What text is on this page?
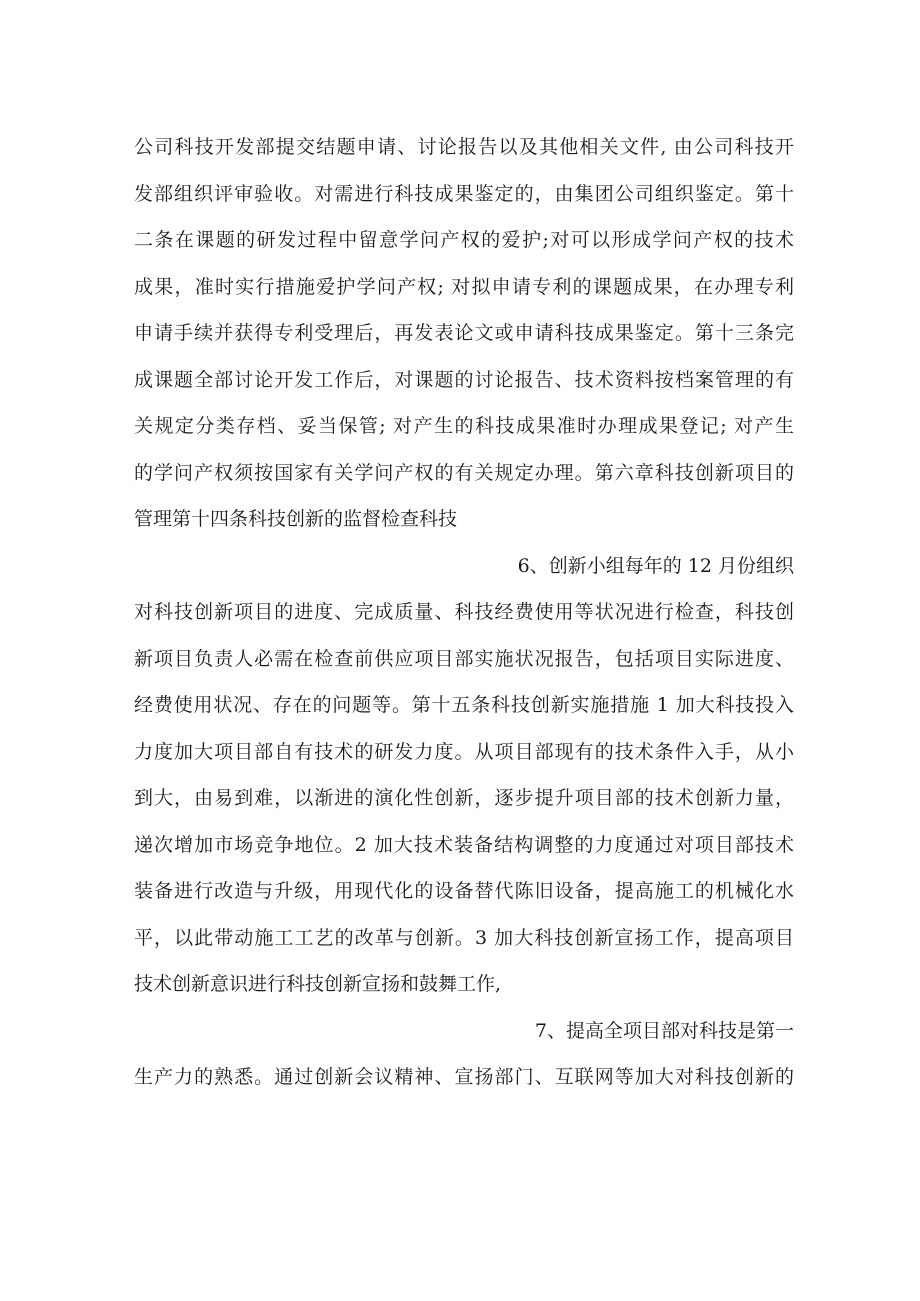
公司科技开发部提交结题申请、讨论报告以及其他相关文件, 由公司科技开
发部组织评审验收。对需进行科技成果鉴定的，由集团公司组织鉴定。第十
二条在课题的研发过程中留意学问产权的爱护;对可以形成学问产权的技术
成果，准时实行措施爱护学问产权; 对拟申请专利的课题成果，在办理专利
申请手续并获得专利受理后，再发表论文或申请科技成果鉴定。第十三条完
成课题全部讨论开发工作后，对课题的讨论报告、技术资料按档案管理的有
关规定分类存档、妥当保管; 对产生的科技成果准时办理成果登记; 对产生
的学问产权须按国家有关学问产权的有关规定办理。第六章科技创新项目的
管理第十四条科技创新的监督检查科技
6、创新小组每年的 12 月份组织
对科技创新项目的进度、完成质量、科技经费使用等状况进行检查，科技创
新项目负责人必需在检查前供应项目部实施状况报告，包括项目实际进度、
经费使用状况、存在的问题等。第十五条科技创新实施措施 1 加大科技投入
力度加大项目部自有技术的研发力度。从项目部现有的技术条件入手，从小
到大，由易到难，以渐进的演化性创新，逐步提升项目部的技术创新力量，
递次增加市场竞争地位。2 加大技术装备结构调整的力度通过对项目部技术
装备进行改造与升级，用现代化的设备替代陈旧设备，提高施工的机械化水
平，以此带动施工工艺的改革与创新。3 加大科技创新宣扬工作，提高项目
技术创新意识进行科技创新宣扬和鼓舞工作,
7、提高全项目部对科技是第一
生产力的熟悉。通过创新会议精神、宣扬部门、互联网等加大对科技创新的
